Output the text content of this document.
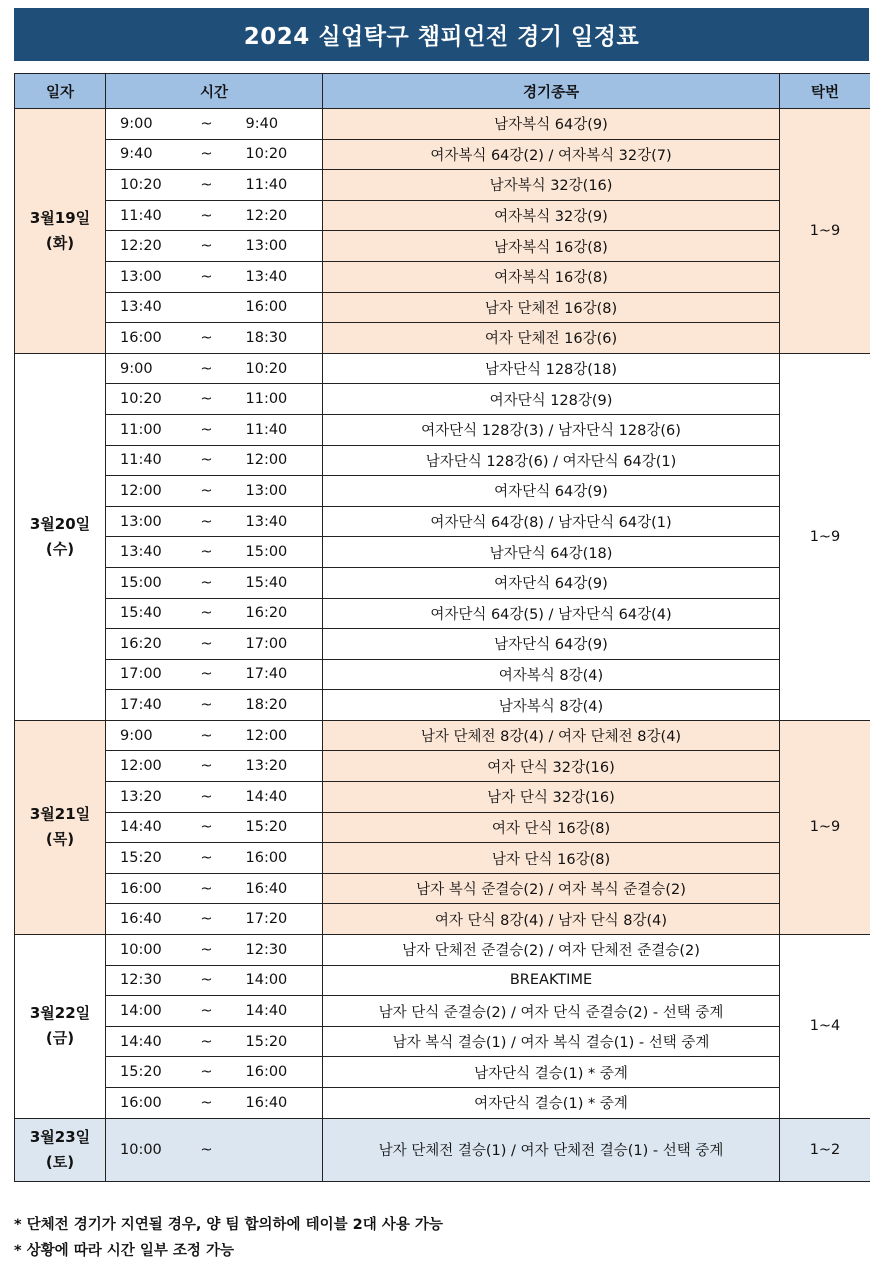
2024 실업탁구 챔피언전 경기 일정표
일자	시간			경기종목	탁번

3월19일
(화)	9:00	~	9:40	남자복식 64강(9)	1~9
	9:40	~	10:20	여자복식 64강(2) / 여자복식 32강(7)	
	10:20	~	11:40	남자복식 32강(16)	
	11:40	~	12:20	여자복식 32강(9)	
	12:20	~	13:00	남자복식 16강(8)	
	13:00	~	13:40	여자복식 16강(8)	
	13:40		16:00	남자 단체전 16강(8)	
	16:00	~	18:30	여자 단체전 16강(6)	

3월20일
(수)	9:00	~	10:20	남자단식 128강(18)	1~9
	10:20	~	11:00	여자단식 128강(9)	
	11:00	~	11:40	여자단식 128강(3) / 남자단식 128강(6)	
	11:40	~	12:00	남자단식 128강(6) / 여자단식 64강(1)	
	12:00	~	13:00	여자단식 64강(9)	
	13:00	~	13:40	여자단식 64강(8) / 남자단식 64강(1)	
	13:40	~	15:00	남자단식 64강(18)	
	15:00	~	15:40	여자단식 64강(9)	
	15:40	~	16:20	여자단식 64강(5) / 남자단식 64강(4)	
	16:20	~	17:00	남자단식 64강(9)	
	17:00	~	17:40	여자복식 8강(4)	
	17:40	~	18:20	남자복식 8강(4)	

3월21일
(목)	9:00	~	12:00	남자 단체전 8강(4) / 여자 단체전 8강(4)	1~9
	12:00	~	13:20	여자 단식 32강(16)	
	13:20	~	14:40	남자 단식 32강(16)	
	14:40	~	15:20	여자 단식 16강(8)	
	15:20	~	16:00	남자 단식 16강(8)	
	16:00	~	16:40	남자 복식 준결승(2) / 여자 복식 준결승(2)	
	16:40	~	17:20	여자 단식 8강(4) / 남자 단식 8강(4)	

3월22일
(금)	10:00	~	12:30	남자 단체전 준결승(2) / 여자 단체전 준결승(2)	1~4
	12:30	~	14:00	BREAKTIME	
	14:00	~	14:40	남자 단식 준결승(2) / 여자 단식 준결승(2) - 선택 중계	
	14:40	~	15:20	남자 복식 결승(1) / 여자 복식 결승(1) - 선택 중계	
	15:20	~	16:00	남자단식 결승(1) * 중계	
	16:00	~	16:40	여자단식 결승(1) * 중계	

3월23일
(토)	10:00	~		남자 단체전 결승(1) / 여자 단체전 결승(1) - 선택 중계	1~2
* 단체전 경기가 지연될 경우, 양 팀 합의하에 테이블 2대 사용 가능
* 상황에 따라 시간 일부 조정 가능
